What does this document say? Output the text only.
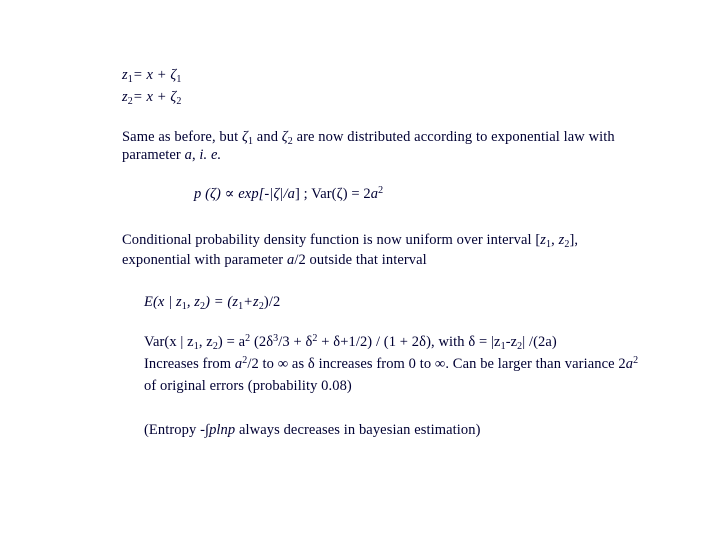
$z_1= x + \zeta_1$
$z_2= x + \zeta_2$
Same as before, but $\zeta_1$ and $\zeta_2$ are now distributed according to exponential law with
parameter a, i. e.
p (ζ) ∝ exp[-|ζ|/a] ; $Var(\zeta) = 2a^2$
Conditional probability density function is now uniform over interval [$z_1$, $z_2$],
exponential with parameter a/2 outside that interval
E(x | $z_1$, $z_2) = (z_1+z_2)/2$
Var(x | $z_1$, $z_2) = a^2$ $(2\delta^3/3 + \delta^2 + \delta+1/2) / (1 + 2\delta)$, with $\delta = |z_1-z_2|$ /(2a)
Increases from $a^2/2$ to ∞ as δ increases from 0 to ∞. Can be larger than variance $2a^2$
of original errors (probability 0.08)
(Entropy -∫plnp always decreases in bayesian estimation)
